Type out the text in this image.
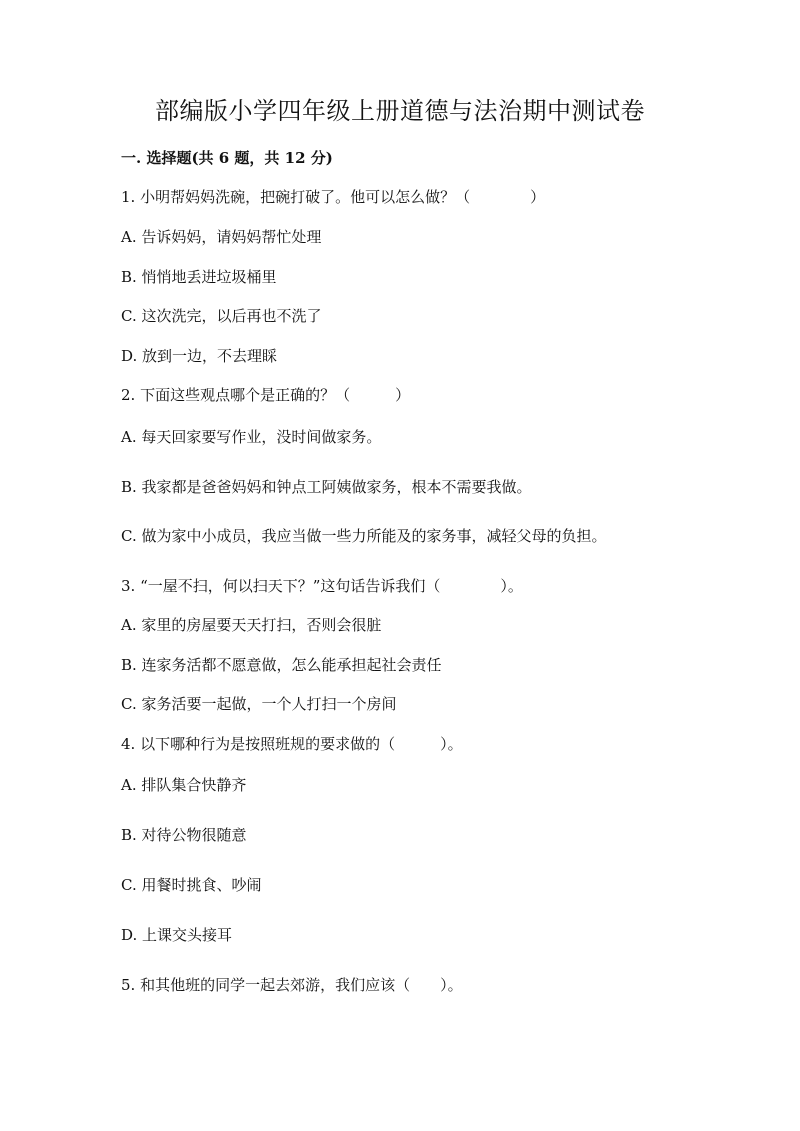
部编版小学四年级上册道德与法治期中测试卷
一. 选择题(共 6 题，共 12 分)
1. 小明帮妈妈洗碗，把碗打破了。他可以怎么做？（　　　　）
A. 告诉妈妈，请妈妈帮忙处理
B. 悄悄地丢进垃圾桶里
C. 这次洗完，以后再也不洗了
D. 放到一边，不去理睬
2. 下面这些观点哪个是正确的？（　　　）
A. 每天回家要写作业，没时间做家务。
B. 我家都是爸爸妈妈和钟点工阿姨做家务，根本不需要我做。
C. 做为家中小成员，我应当做一些力所能及的家务事，减轻父母的负担。
3. “一屋不扫，何以扫天下？”这句话告诉我们（　　　　）。
A. 家里的房屋要天天打扫，否则会很脏
B. 连家务活都不愿意做，怎么能承担起社会责任
C. 家务活要一起做，一个人打扫一个房间
4. 以下哪种行为是按照班规的要求做的（　　　）。
A. 排队集合快静齐
B. 对待公物很随意
C. 用餐时挑食、吵闹
D. 上课交头接耳
5. 和其他班的同学一起去郊游，我们应该（　　）。
